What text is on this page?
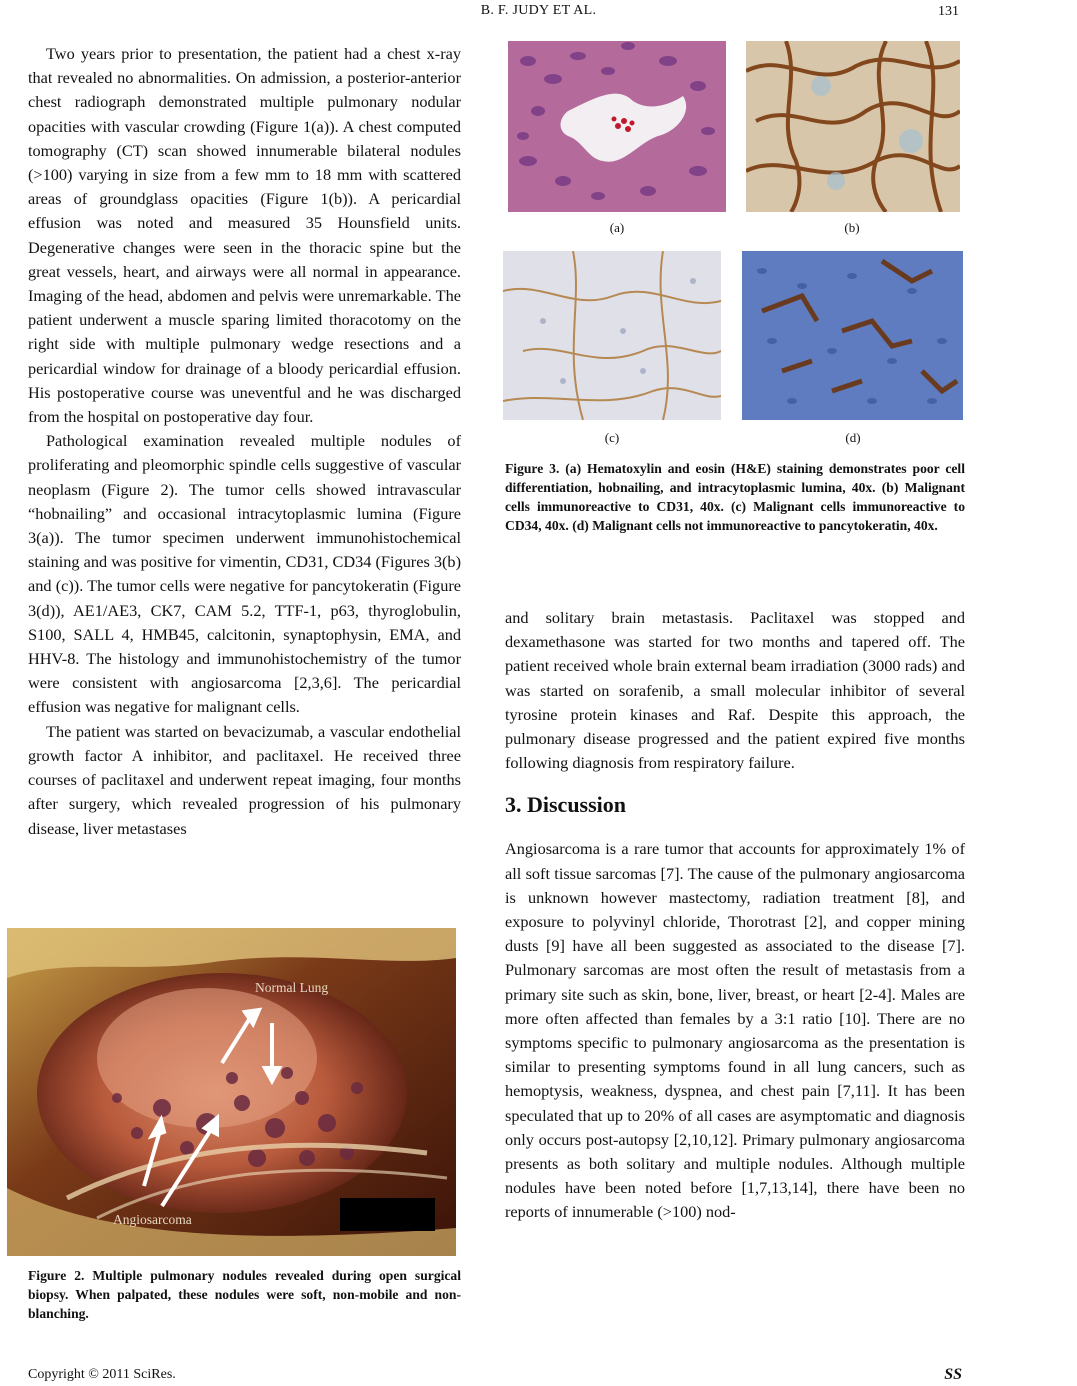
B. F. JUDY ET AL.	131

Two years prior to presentation, the patient had a chest x-ray that revealed no abnormalities. On admission, a posterior-anterior chest radiograph demonstrated multiple pulmonary nodular opacities with vascular crowding (Figure 1(a)). A chest computed tomography (CT) scan showed innumerable bilateral nodules (>100) varying in size from a few mm to 18 mm with scattered areas of groundglass opacities (Figure 1(b)). A pericardial effusion was noted and measured 35 Hounsfield units. Degenerative changes were seen in the thoracic spine but the great vessels, heart, and airways were all normal in appearance. Imaging of the head, abdomen and pelvis were unremarkable. The patient underwent a muscle sparing limited thoracotomy on the right side with multiple pulmonary wedge resections and a pericardial window for drainage of a bloody pericardial effusion. His postoperative course was uneventful and he was discharged from the hospital on postoperative day four.

Pathological examination revealed multiple nodules of proliferating and pleomorphic spindle cells suggestive of vascular neoplasm (Figure 2). The tumor cells showed intravascular “hobnailing” and occasional intracytoplasmic lumina (Figure 3(a)). The tumor specimen underwent immunohistochemical staining and was positive for vimentin, CD31, CD34 (Figures 3(b) and (c)). The tumor cells were negative for pancytokeratin (Figure 3(d)), AE1/AE3, CK7, CAM 5.2, TTF-1, p63, thyroglobulin, S100, SALL 4, HMB45, calcitonin, synaptophysin, EMA, and HHV-8. The histology and immunohistochemistry of the tumor were consistent with angiosarcoma [2,3,6]. The pericardial effusion was negative for malignant cells.

The patient was started on bevacizumab, a vascular endothelial growth factor A inhibitor, and paclitaxel. He received three courses of paclitaxel and underwent repeat imaging, four months after surgery, which revealed progression of his pulmonary disease, liver metastases

Normal Lung
Angiosarcoma
Figure 2. Multiple pulmonary nodules revealed during open surgical biopsy. When palpated, these nodules were soft, non-mobile and non-blanching.
(a)	(b)
(c)	(d)
Figure 3. (a) Hematoxylin and eosin (H&E) staining demonstrates poor cell differentiation, hobnailing, and intracytoplasmic lumina, 40x. (b) Malignant cells immunoreactive to CD31, 40x. (c) Malignant cells immunoreactive to CD34, 40x. (d) Malignant cells not immunoreactive to pancytokeratin, 40x.

and solitary brain metastasis. Paclitaxel was stopped and dexamethasone was started for two months and tapered off. The patient received whole brain external beam irradiation (3000 rads) and was started on sorafenib, a small molecular inhibitor of several tyrosine protein kinases and Raf. Despite this approach, the pulmonary disease progressed and the patient expired five months following diagnosis from respiratory failure.

3. Discussion

Angiosarcoma is a rare tumor that accounts for approximately 1% of all soft tissue sarcomas [7]. The cause of the pulmonary angiosarcoma is unknown however mastectomy, radiation treatment [8], and exposure to polyvinyl chloride, Thorotrast [2], and copper mining dusts [9] have all been suggested as associated to the disease [7]. Pulmonary sarcomas are most often the result of metastasis from a primary site such as skin, bone, liver, breast, or heart [2-4]. Males are more often affected than females by a 3:1 ratio [10]. There are no symptoms specific to pulmonary angiosarcoma as the presentation is similar to presenting symptoms found in all lung cancers, such as hemoptysis, weakness, dyspnea, and chest pain [7,11]. It has been speculated that up to 20% of all cases are asymptomatic and diagnosis only occurs post-autopsy [2,10,12]. Primary pulmonary angiosarcoma presents as both solitary and multiple nodules. Although multiple nodules have been noted before [1,7,13,14], there have been no reports of innumerable (>100) nod-

Copyright © 2011 SciRes.	SS
